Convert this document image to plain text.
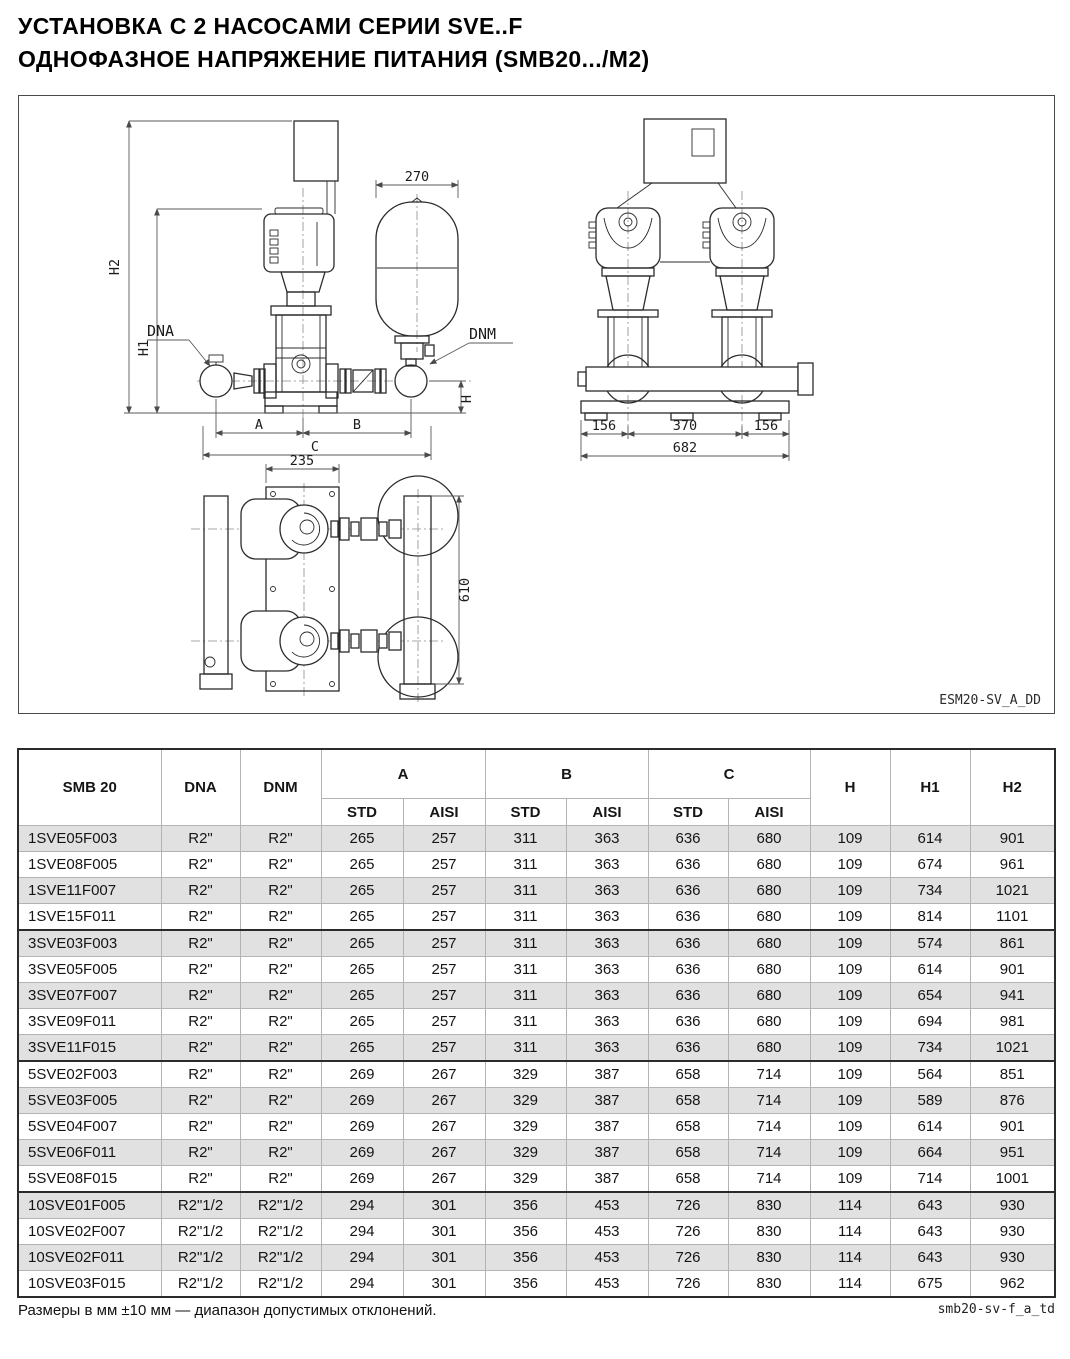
УСТАНОВКА С 2 НАСОСАМИ СЕРИИ SVE..F
ОДНОФАЗНОЕ НАПРЯЖЕНИЕ ПИТАНИЯ (SMB20.../M2)
H2
H1
H
270
A	B
C
DNA	DNM
156	370	156
682
235
610
ESM20-SV_A_DD
SMB 20	DNA	DNM	A		B		C		H	H1	H2
			STD	AISI	STD	AISI	STD	AISI			
1SVE05F003	R2"	R2"	265	257	311	363	636	680	109	614	901
1SVE08F005	R2"	R2"	265	257	311	363	636	680	109	674	961
1SVE11F007	R2"	R2"	265	257	311	363	636	680	109	734	1021
1SVE15F011	R2"	R2"	265	257	311	363	636	680	109	814	1101
3SVE03F003	R2"	R2"	265	257	311	363	636	680	109	574	861
3SVE05F005	R2"	R2"	265	257	311	363	636	680	109	614	901
3SVE07F007	R2"	R2"	265	257	311	363	636	680	109	654	941
3SVE09F011	R2"	R2"	265	257	311	363	636	680	109	694	981
3SVE11F015	R2"	R2"	265	257	311	363	636	680	109	734	1021
5SVE02F003	R2"	R2"	269	267	329	387	658	714	109	564	851
5SVE03F005	R2"	R2"	269	267	329	387	658	714	109	589	876
5SVE04F007	R2"	R2"	269	267	329	387	658	714	109	614	901
5SVE06F011	R2"	R2"	269	267	329	387	658	714	109	664	951
5SVE08F015	R2"	R2"	269	267	329	387	658	714	109	714	1001
10SVE01F005	R2"1/2	R2"1/2	294	301	356	453	726	830	114	643	930
10SVE02F007	R2"1/2	R2"1/2	294	301	356	453	726	830	114	643	930
10SVE02F011	R2"1/2	R2"1/2	294	301	356	453	726	830	114	643	930
10SVE03F015	R2"1/2	R2"1/2	294	301	356	453	726	830	114	675	962
Размеры в мм ±10 мм — диапазон допустимых отклонений.	smb20-sv-f_a_td
